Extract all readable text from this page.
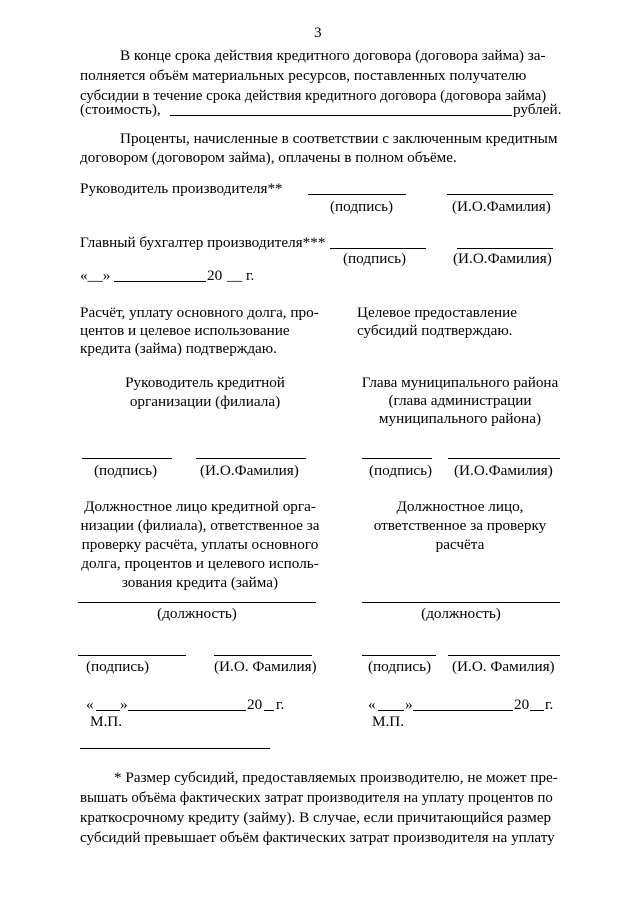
3
В конце срока действия кредитного договора (договора займа) за-
полняется объём материальных ресурсов, поставленных получателю
субсидии в течение срока действия кредитного договора (договора займа)
(стоимость),	рублей.
Проценты, начисленные в соответствии с заключенным кредитным
договором (договором займа), оплачены в полном объёме.
Руководитель производителя**
(подпись)	(И.О.Фамилия)
Главный бухгалтер производителя***
(подпись)	(И.О.Фамилия)
«__»	20 __ г.
Расчёт, уплату основного долга, про-
центов и целевое использование
кредита (займа) подтверждаю.
Целевое предоставление
субсидий подтверждаю.
Руководитель кредитной
организации (филиала)
Глава муниципального района
(глава администрации
муниципального района)
(подпись)	(И.О.Фамилия)	(подпись) (И.О.Фамилия)
Должностное лицо кредитной орга-
низации (филиала), ответственное за
проверку расчёта, уплаты основного
долга, процентов и целевого исполь-
зования кредита (займа)
Должностное лицо,
ответственное за проверку
расчёта
(должность)	(должность)
(подпись)	(И.О. Фамилия)	(подпись) (И.О. Фамилия)
« »	20 г.
М.П.
« »	20 г.
М.П.
* Размер субсидий, предоставляемых производителю, не может пре-
вышать объёма фактических затрат производителя на уплату процентов по
краткосрочному кредиту (займу). В случае, если причитающийся размер
субсидий превышает объём фактических затрат производителя на уплату
